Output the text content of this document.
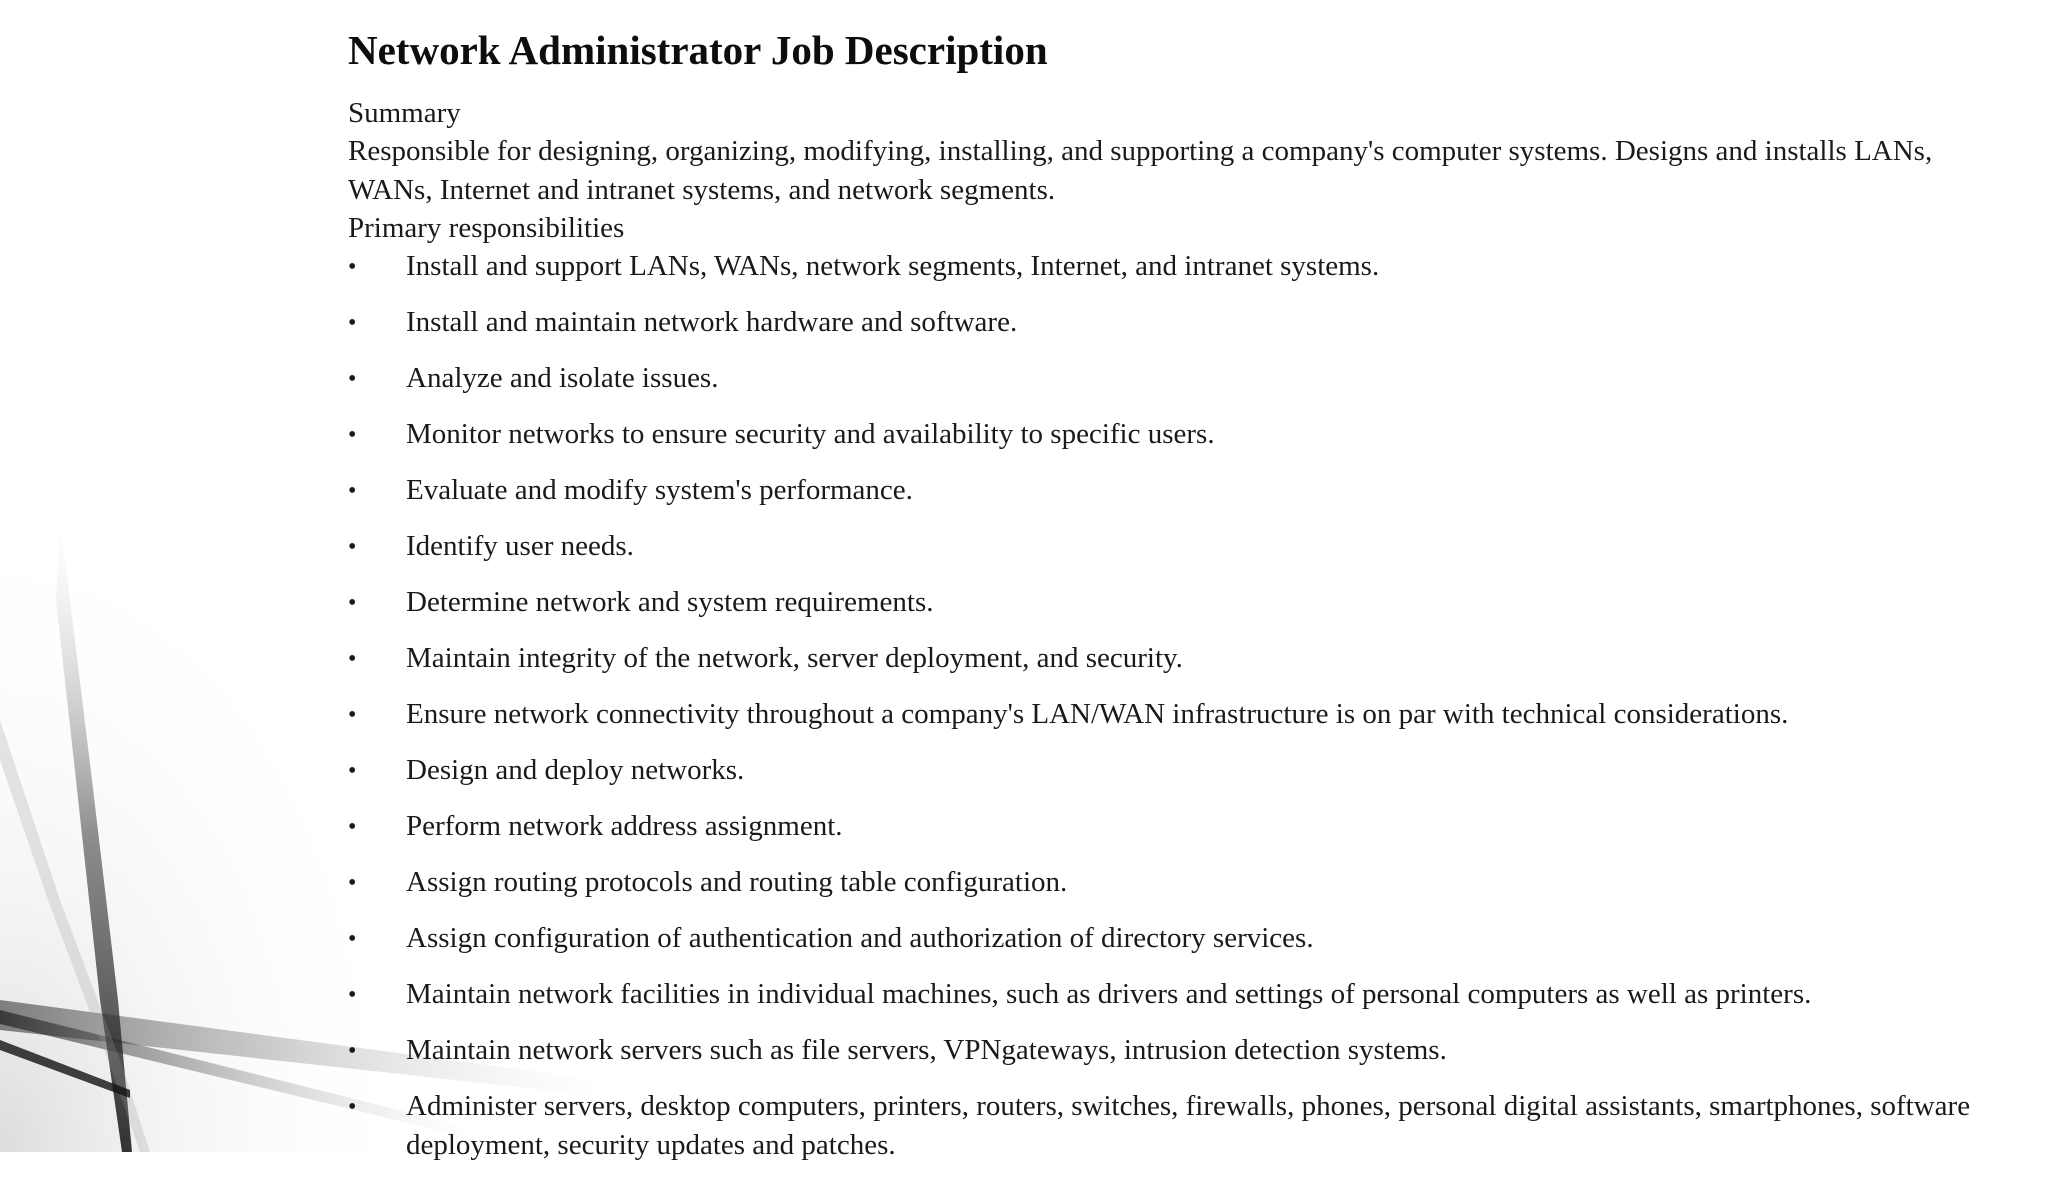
Network Administrator Job Description

Summary

Responsible for designing, organizing, modifying, installing, and supporting a company's computer systems. Designs and installs LANs, WANs, Internet and intranet systems, and network segments.

Primary responsibilities

• Install and support LANs, WANs, network segments, Internet, and intranet systems.
• Install and maintain network hardware and software.
• Analyze and isolate issues.
• Monitor networks to ensure security and availability to specific users.
• Evaluate and modify system's performance.
• Identify user needs.
• Determine network and system requirements.
• Maintain integrity of the network, server deployment, and security.
• Ensure network connectivity throughout a company's LAN/WAN infrastructure is on par with technical considerations.
• Design and deploy networks.
• Perform network address assignment.
• Assign routing protocols and routing table configuration.
• Assign configuration of authentication and authorization of directory services.
• Maintain network facilities in individual machines, such as drivers and settings of personal computers as well as printers.
• Maintain network servers such as file servers, VPNgateways, intrusion detection systems.
• Administer servers, desktop computers, printers, routers, switches, firewalls, phones, personal digital assistants, smartphones, software deployment, security updates and patches.
